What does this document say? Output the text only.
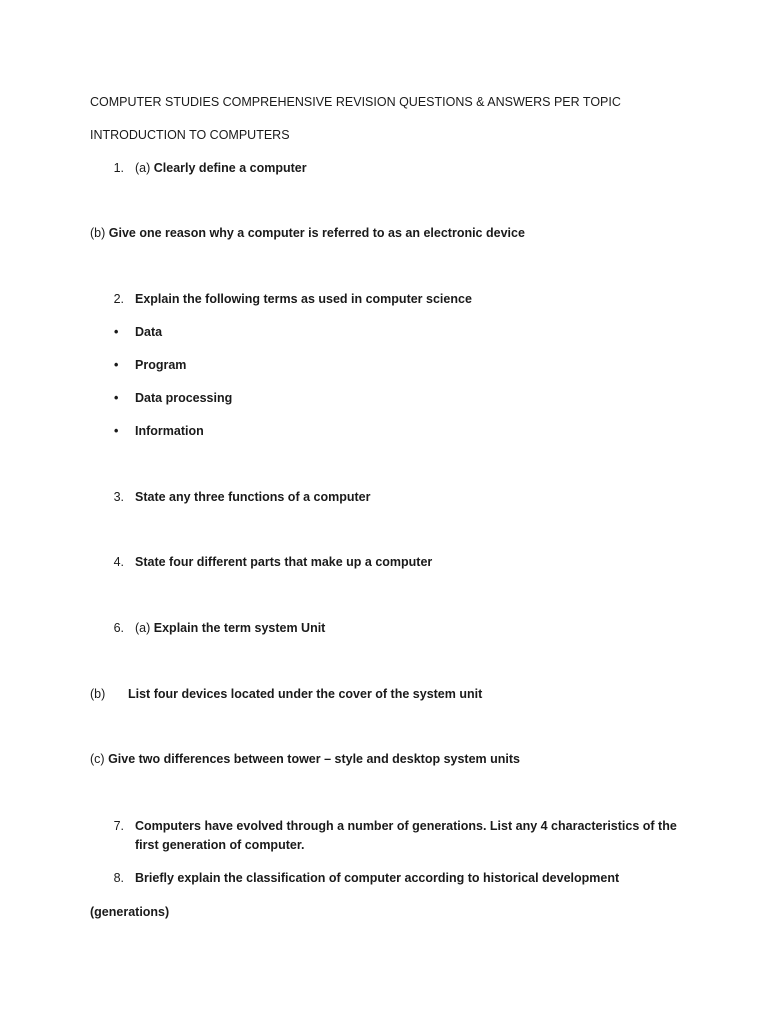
COMPUTER STUDIES COMPREHENSIVE REVISION QUESTIONS & ANSWERS PER TOPIC
INTRODUCTION TO COMPUTERS
1. (a) Clearly define a computer
(b) Give one reason why a computer is referred to as an electronic device
2. Explain the following terms as used in computer science
• Data
• Program
• Data processing
• Information
3. State any three functions of a computer
4. State four different parts that make up a computer
6. (a) Explain the term system Unit
(b) List four devices located under the cover of the system unit
(c) Give two differences between tower – style and desktop system units
7. Computers have evolved through a number of generations. List any 4 characteristics of the
first generation of computer.
8. Briefly explain the classification of computer according to historical development
(generations)
